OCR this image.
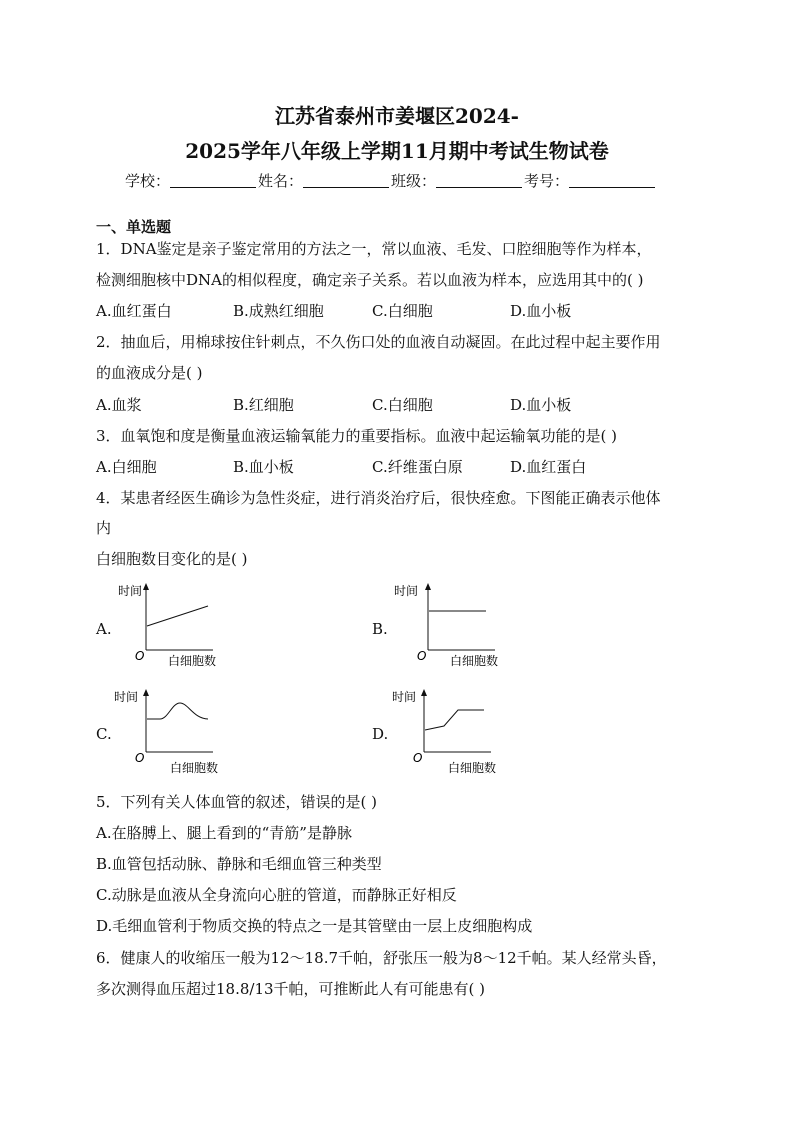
江苏省泰州市姜堰区2024-
2025学年八年级上学期11月期中考试生物试卷
学校：	姓名：	班级：	考号：
一、单选题
1．DNA鉴定是亲子鉴定常用的方法之一，常以血液、毛发、口腔细胞等作为样本，
检测细胞核中DNA的相似程度，确定亲子关系。若以血液为样本，应选用其中的( )
A.血红蛋白	B.成熟红细胞	C.白细胞	D.血小板
2．抽血后，用棉球按住针刺点，不久伤口处的血液自动凝固。在此过程中起主要作用
的血液成分是( )
A.血浆	B.红细胞	C.白细胞	D.血小板
3．血氧饱和度是衡量血液运输氧能力的重要指标。血液中起运输氧功能的是( )
A.白细胞	B.血小板	C.纤维蛋白原	D.血红蛋白
4．某患者经医生确诊为急性炎症，进行消炎治疗后，很快痊愈。下图能正确表示他体
内
白细胞数目变化的是( )
A.
时间
O 白细胞数
B.
时间
O 白细胞数
C.
时间
O
白细胞数
D.
时间
O
白细胞数
5．下列有关人体血管的叙述，错误的是( )
A.在胳膊上、腿上看到的“青筋”是静脉
B.血管包括动脉、静脉和毛细血管三种类型
C.动脉是血液从全身流向心脏的管道，而静脉正好相反
D.毛细血管利于物质交换的特点之一是其管壁由一层上皮细胞构成
6．健康人的收缩压一般为12～18.7千帕，舒张压一般为8～12千帕。某人经常头昏，
多次测得血压超过18.8/13千帕，可推断此人有可能患有( )
